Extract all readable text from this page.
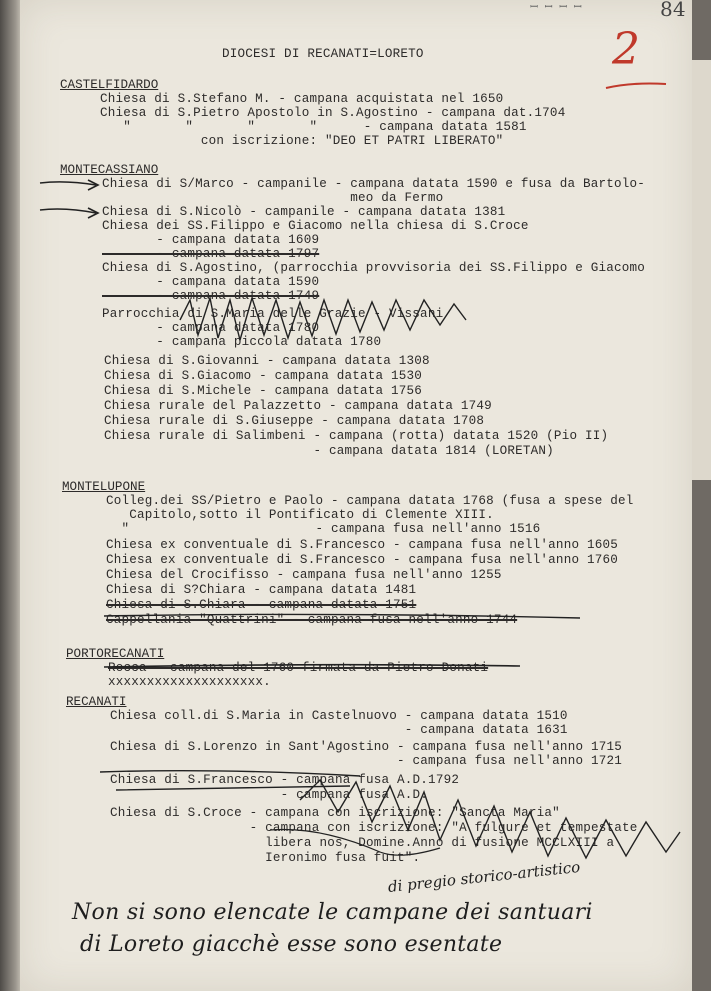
ꟷ ꟷ ꟷ ꟷ	84
2
DIOCESI DI RECANATI=LORETO
CASTELFIDARDO
Chiesa di S.Stefano M. - campana acquistata nel 1650
Chiesa di S.Pietro Apostolo in S.Agostino - campana dat.1704
"       "       "       "      - campana datata 1581
con iscrizione: "DEO ET PATRI LIBERATO"
MONTECASSIANO
Chiesa di S/Marco - campanile - campana datata 1590 e fusa da Bartolo-
meo da Fermo
Chiesa di S.Nicolò - campanile - campana datata 1381
Chiesa dei SS.Filippo e Giacomo nella chiesa di S.Croce
- campana datata 1609
- campana datata 1797
Chiesa di S.Agostino, (parrocchia provvisoria dei SS.Filippo e Giacomo
- campana datata 1590
- campana datata 1749
Parrocchia di S.Maria delle Grazie - Vissani
- campana datata 1780
- campana piccola datata 1780
Chiesa di S.Giovanni - campana datata 1308
Chiesa di S.Giacomo - campana datata 1530
Chiesa di S.Michele - campana datata 1756
Chiesa rurale del Palazzetto - campana datata 1749
Chiesa rurale di S.Giuseppe - campana datata 1708
Chiesa rurale di Salimbeni - campana (rotta) datata 1520 (Pio II)
- campana datata 1814 (LORETAN)
MONTELUPONE
Colleg.dei SS/Pietro e Paolo - campana datata 1768 (fusa a spese del
Capitolo,sotto il Pontificato di Clemente XIII.
"                        - campana fusa nell'anno 1516
Chiesa ex conventuale di S.Francesco - campana fusa nell'anno 1605
Chiesa ex conventuale di S.Francesco - campana fusa nell'anno 1760
Chiesa del Crocifisso - campana fusa nell'anno 1255
Chiesa di S?Chiara - campana datata 1481
Chiesa di S.Chiara - campana datata 1751
Cappellania "Quattrini" - campana fusa nell'anno 1744
PORTORECANATI
Rocca - campana del 1760 firmata da Pietro Donati
xxxxxxxxxxxxxxxxxxxx.
RECANATI
Chiesa coll.di S.Maria in Castelnuovo - campana datata 1510
- campana datata 1631
Chiesa di S.Lorenzo in Sant'Agostino - campana fusa nell'anno 1715
- campana fusa nell'anno 1721
Chiesa di S.Francesco - campana fusa A.D.1792
- campana fusa A.D.
Chiesa di S.Croce - campana con iscrizione: "Sancta Maria"
- campana con iscrizione: "A fulgure et tempestate
libera nos, Domine.Anno di fusione MCCLXIII a
Ieronimo fusa fuit".
di pregio storico-artistico
Non si sono elencate le campane dei santuari
di Loreto giacchè esse sono esentate
